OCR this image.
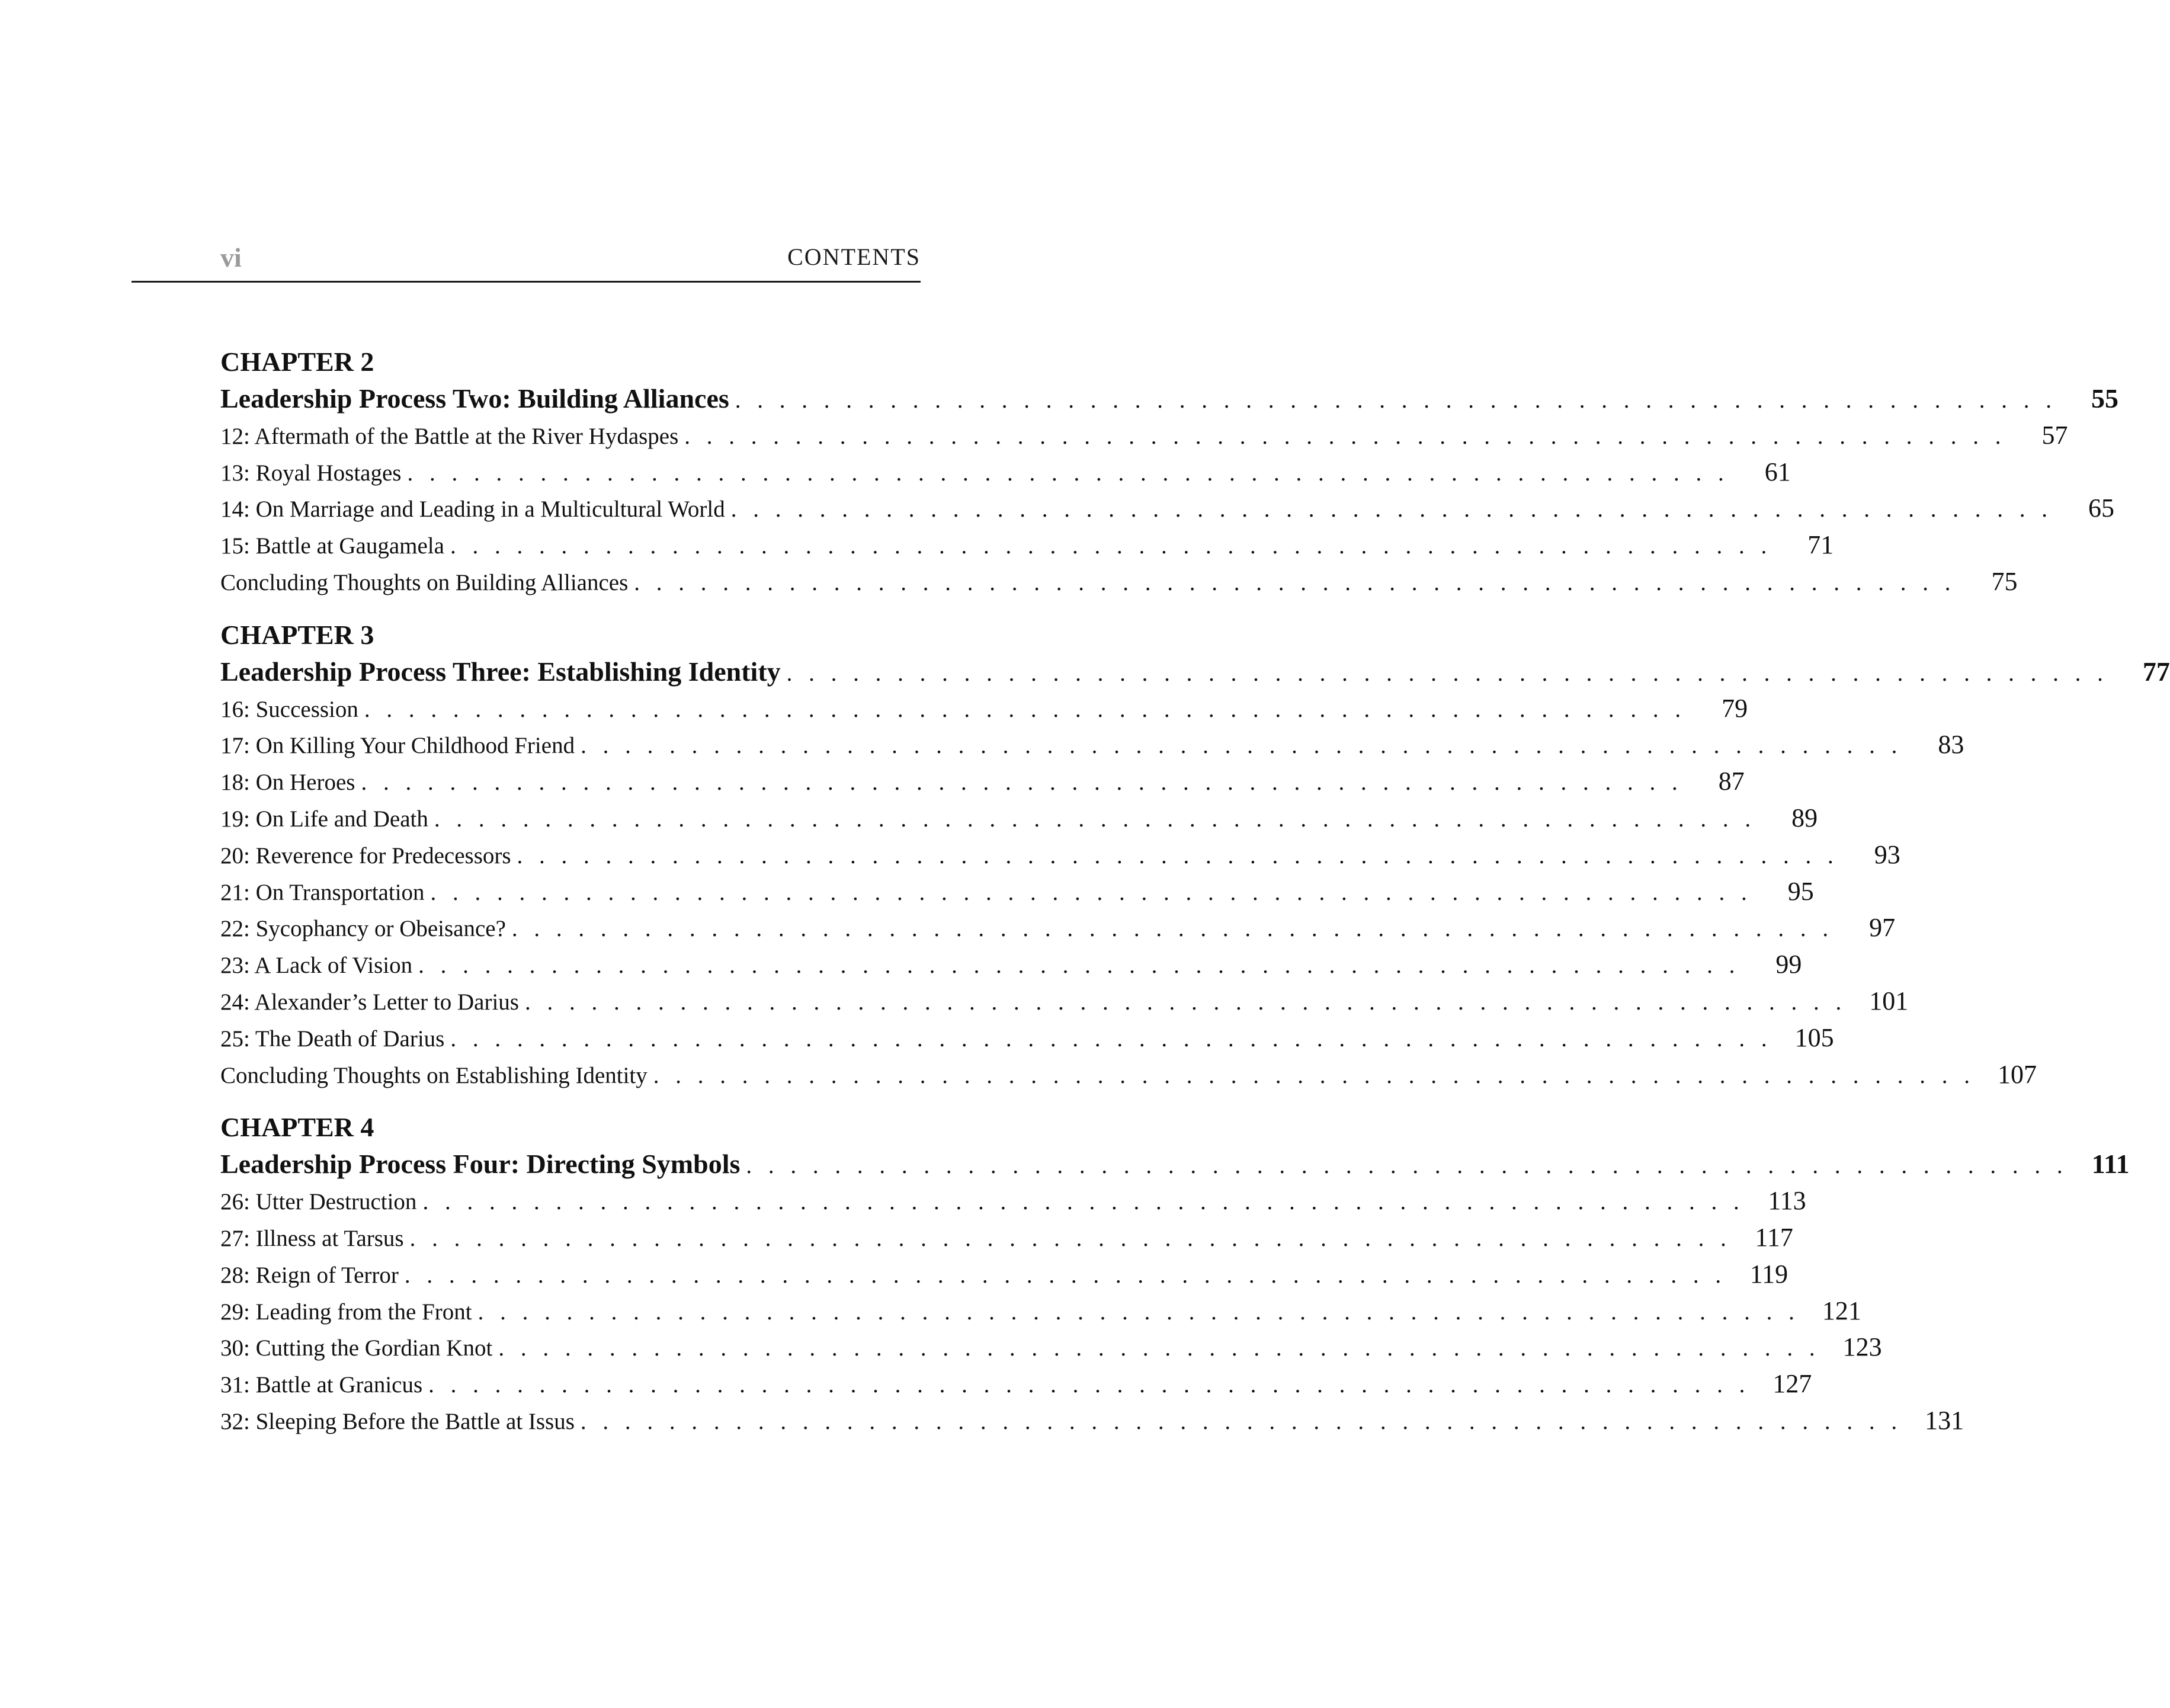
vi	CONTENTS
CHAPTER 2
Leadership Process Two: Building Alliances . . . . . . . . . . . . . . . . . . . . . . . . . . . . . . . . . . . . . . . . . . . . . . . . . . . . . . . . . . . .	55
12: Aftermath of the Battle at the River Hydaspes . . . . . . . . . . . . . . . . . . . . . . . . . . . . . . . . . . . . . . . . . . . . . . . . . . . . . . . . . . . .	57
13: Royal Hostages . . . . . . . . . . . . . . . . . . . . . . . . . . . . . . . . . . . . . . . . . . . . . . . . . . . . . . . . . . . .	61
14: On Marriage and Leading in a Multicultural World . . . . . . . . . . . . . . . . . . . . . . . . . . . . . . . . . . . . . . . . . . . . . . . . . . . . . . . . . . . .	65
15: Battle at Gaugamela . . . . . . . . . . . . . . . . . . . . . . . . . . . . . . . . . . . . . . . . . . . . . . . . . . . . . . . . . . . .	71
Concluding Thoughts on Building Alliances . . . . . . . . . . . . . . . . . . . . . . . . . . . . . . . . . . . . . . . . . . . . . . . . . . . . . . . . . . . .	75
CHAPTER 3
Leadership Process Three: Establishing Identity . . . . . . . . . . . . . . . . . . . . . . . . . . . . . . . . . . . . . . . . . . . . . . . . . . . . . . . . . . . .	77
16: Succession . . . . . . . . . . . . . . . . . . . . . . . . . . . . . . . . . . . . . . . . . . . . . . . . . . . . . . . . . . . .	79
17: On Killing Your Childhood Friend . . . . . . . . . . . . . . . . . . . . . . . . . . . . . . . . . . . . . . . . . . . . . . . . . . . . . . . . . . . .	83
18: On Heroes . . . . . . . . . . . . . . . . . . . . . . . . . . . . . . . . . . . . . . . . . . . . . . . . . . . . . . . . . . . .	87
19: On Life and Death . . . . . . . . . . . . . . . . . . . . . . . . . . . . . . . . . . . . . . . . . . . . . . . . . . . . . . . . . . . .	89
20: Reverence for Predecessors . . . . . . . . . . . . . . . . . . . . . . . . . . . . . . . . . . . . . . . . . . . . . . . . . . . . . . . . . . . .	93
21: On Transportation . . . . . . . . . . . . . . . . . . . . . . . . . . . . . . . . . . . . . . . . . . . . . . . . . . . . . . . . . . . .	95
22: Sycophancy or Obeisance? . . . . . . . . . . . . . . . . . . . . . . . . . . . . . . . . . . . . . . . . . . . . . . . . . . . . . . . . . . . .	97
23: A Lack of Vision . . . . . . . . . . . . . . . . . . . . . . . . . . . . . . . . . . . . . . . . . . . . . . . . . . . . . . . . . . . .	99
24: Alexander’s Letter to Darius . . . . . . . . . . . . . . . . . . . . . . . . . . . . . . . . . . . . . . . . . . . . . . . . . . . . . . . . . . . . 101
25: The Death of Darius . . . . . . . . . . . . . . . . . . . . . . . . . . . . . . . . . . . . . . . . . . . . . . . . . . . . . . . . . . . . 105
Concluding Thoughts on Establishing Identity . . . . . . . . . . . . . . . . . . . . . . . . . . . . . . . . . . . . . . . . . . . . . . . . . . . . . . . . . . . . 107
CHAPTER 4
Leadership Process Four: Directing Symbols . . . . . . . . . . . . . . . . . . . . . . . . . . . . . . . . . . . . . . . . . . . . . . . . . . . . . . . . . . . . 111
26: Utter Destruction . . . . . . . . . . . . . . . . . . . . . . . . . . . . . . . . . . . . . . . . . . . . . . . . . . . . . . . . . . . . 113
27: Illness at Tarsus . . . . . . . . . . . . . . . . . . . . . . . . . . . . . . . . . . . . . . . . . . . . . . . . . . . . . . . . . . . . 117
28: Reign of Terror . . . . . . . . . . . . . . . . . . . . . . . . . . . . . . . . . . . . . . . . . . . . . . . . . . . . . . . . . . . . 119
29: Leading from the Front . . . . . . . . . . . . . . . . . . . . . . . . . . . . . . . . . . . . . . . . . . . . . . . . . . . . . . . . . . . . 121
30: Cutting the Gordian Knot . . . . . . . . . . . . . . . . . . . . . . . . . . . . . . . . . . . . . . . . . . . . . . . . . . . . . . . . . . . . 123
31: Battle at Granicus . . . . . . . . . . . . . . . . . . . . . . . . . . . . . . . . . . . . . . . . . . . . . . . . . . . . . . . . . . . . 127
32: Sleeping Before the Battle at Issus . . . . . . . . . . . . . . . . . . . . . . . . . . . . . . . . . . . . . . . . . . . . . . . . . . . . . . . . . . . . 131
